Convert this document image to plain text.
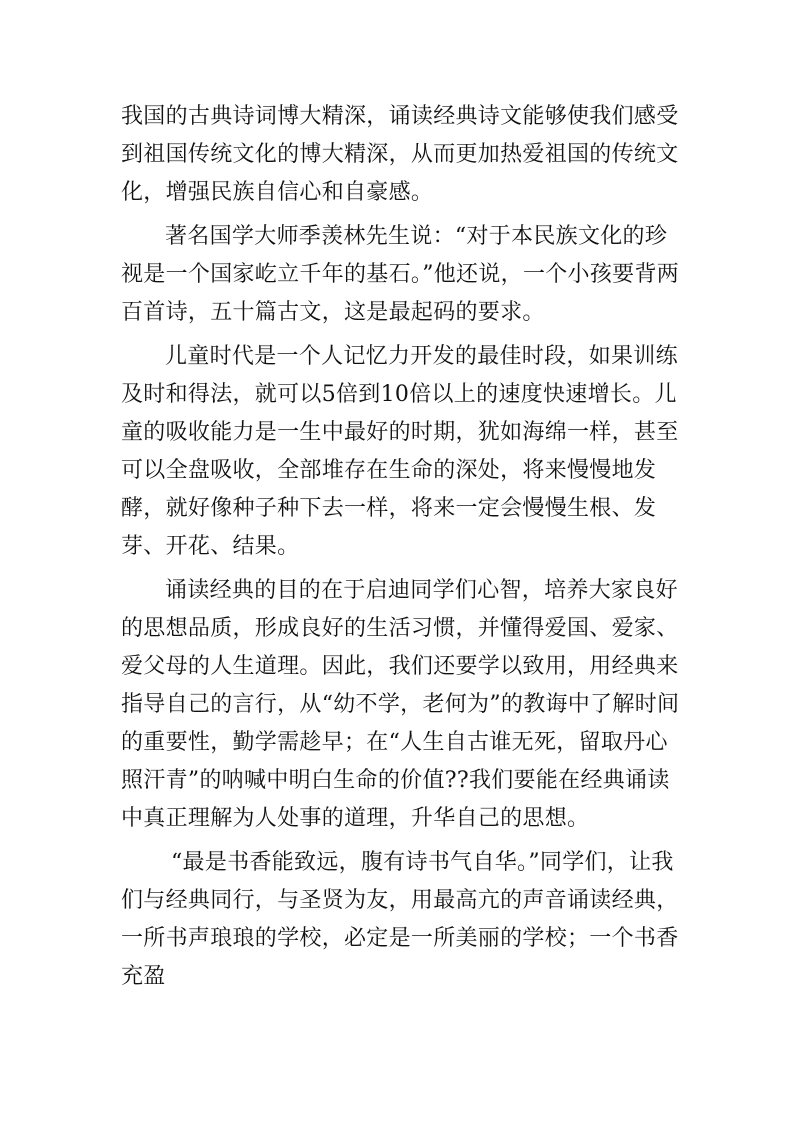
我国的古典诗词博大精深，诵读经典诗文能够使我们感受到祖国传统文化的博大精深，从而更加热爱祖国的传统文化，增强民族自信心和自豪感。

著名国学大师季羡林先生说：“对于本民族文化的珍视是一个国家屹立千年的基石。”他还说，一个小孩要背两百首诗，五十篇古文，这是最起码的要求。

儿童时代是一个人记忆力开发的最佳时段，如果训练及时和得法，就可以5倍到10倍以上的速度快速增长。儿童的吸收能力是一生中最好的时期，犹如海绵一样，甚至可以全盘吸收，全部堆存在生命的深处，将来慢慢地发酵，就好像种子种下去一样，将来一定会慢慢生根、发芽、开花、结果。

诵读经典的目的在于启迪同学们心智，培养大家良好的思想品质，形成良好的生活习惯，并懂得爱国、爱家、爱父母的人生道理。因此，我们还要学以致用，用经典来指导自己的言行，从“幼不学，老何为”的教诲中了解时间的重要性，勤学需趁早；在“人生自古谁无死，留取丹心照汗青”的呐喊中明白生命的价值??我们要能在经典诵读中真正理解为人处事的道理，升华自己的思想。

“最是书香能致远，腹有诗书气自华。”同学们，让我们与经典同行，与圣贤为友，用最高亢的声音诵读经典，一所书声琅琅的学校，必定是一所美丽的学校；一个书香充盈
